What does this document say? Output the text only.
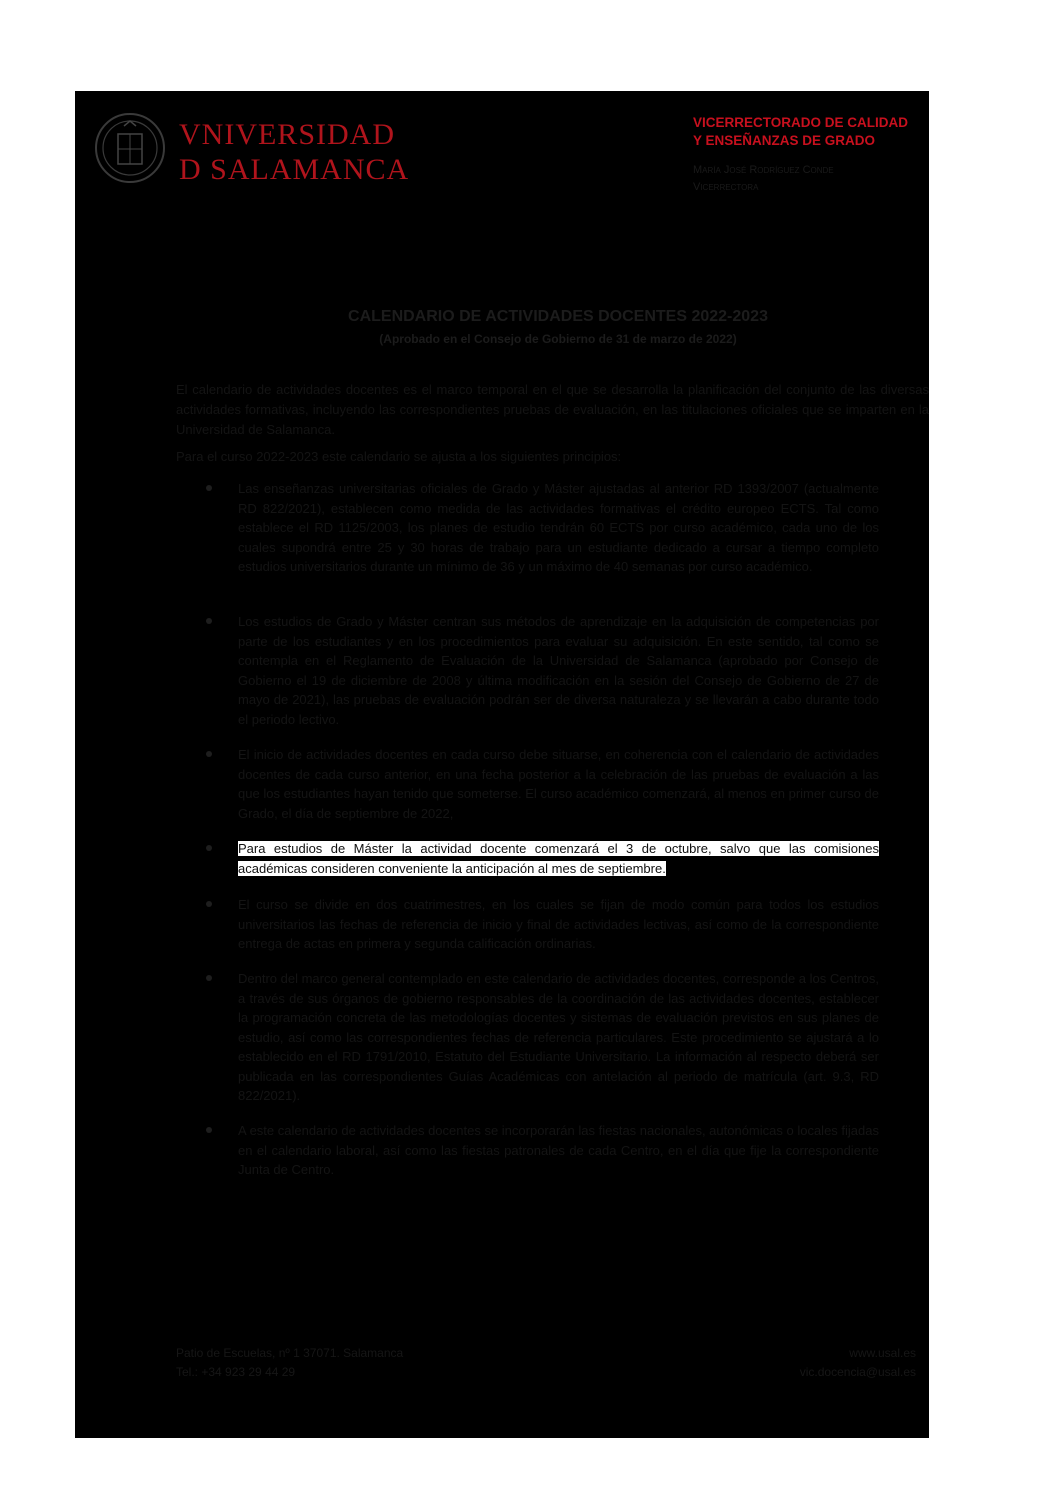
VNIVERSIDAD
D SALAMANCA
VICERRECTORADO DE CALIDAD
Y ENSEÑANZAS DE GRADO
María José Rodríguez Conde
Vicerrectora
CALENDARIO DE ACTIVIDADES DOCENTES 2022-2023
(Aprobado en el Consejo de Gobierno de 31 de marzo de 2022)
El calendario de actividades docentes es el marco temporal en el que se desarrolla la planificación del conjunto de las diversas actividades formativas, incluyendo las correspondientes pruebas de evaluación, en las titulaciones oficiales que se imparten en la Universidad de Salamanca.
Para el curso 2022-2023 este calendario se ajusta a los siguientes principios:
Las enseñanzas universitarias oficiales de Grado y Máster ajustadas al anterior RD 1393/2007 (actualmente RD 822/2021), establecen como medida de las actividades formativas el crédito europeo ECTS. Tal como establece el RD 1125/2003, los planes de estudio tendrán 60 ECTS por curso académico, cada uno de los cuales supondrá entre 25 y 30 horas de trabajo para un estudiante dedicado a cursar a tiempo completo estudios universitarios durante un mínimo de 36 y un máximo de 40 semanas por curso académico.
Los estudios de Grado y Máster centran sus métodos de aprendizaje en la adquisición de competencias por parte de los estudiantes y en los procedimientos para evaluar su adquisición. En este sentido, tal como se contempla en el Reglamento de Evaluación de la Universidad de Salamanca (aprobado por Consejo de Gobierno el 19 de diciembre de 2008 y última modificación en la sesión del Consejo de Gobierno de 27 de mayo de 2021), las pruebas de evaluación podrán ser de diversa naturaleza y se llevarán a cabo durante todo el periodo lectivo.
El inicio de actividades docentes en cada curso debe situarse, en coherencia con el calendario de actividades docentes de cada curso anterior, en una fecha posterior a la celebración de las pruebas de evaluación a las que los estudiantes hayan tenido que someterse. El curso académico comenzará, al menos en primer curso de Grado, el día de septiembre de 2022,
Para estudios de Máster la actividad docente comenzará el 3 de octubre, salvo que las comisiones académicas consideren conveniente la anticipación al mes de septiembre.
El curso se divide en dos cuatrimestres, en los cuales se fijan de modo común para todos los estudios universitarios las fechas de referencia de inicio y final de actividades lectivas, así como de la correspondiente entrega de actas en primera y segunda calificación ordinarias.
Dentro del marco general contemplado en este calendario de actividades docentes, corresponde a los Centros, a través de sus órganos de gobierno responsables de la coordinación de las actividades docentes, establecer la programación concreta de las metodologías docentes y sistemas de evaluación previstos en sus planes de estudio, así como las correspondientes fechas de referencia particulares. Este procedimiento se ajustará a lo establecido en el RD 1791/2010, Estatuto del Estudiante Universitario. La información al respecto deberá ser publicada en las correspondientes Guías Académicas con antelación al periodo de matrícula (art. 9.3, RD 822/2021).
A este calendario de actividades docentes se incorporarán las fiestas nacionales, autonómicas o locales fijadas en el calendario laboral, así como las fiestas patronales de cada Centro, en el día que fije la correspondiente Junta de Centro.
Patio de Escuelas, nº 1 37071. Salamanca
Tel.: +34 923 29 44 29
www.usal.es
vic.docencia@usal.es
